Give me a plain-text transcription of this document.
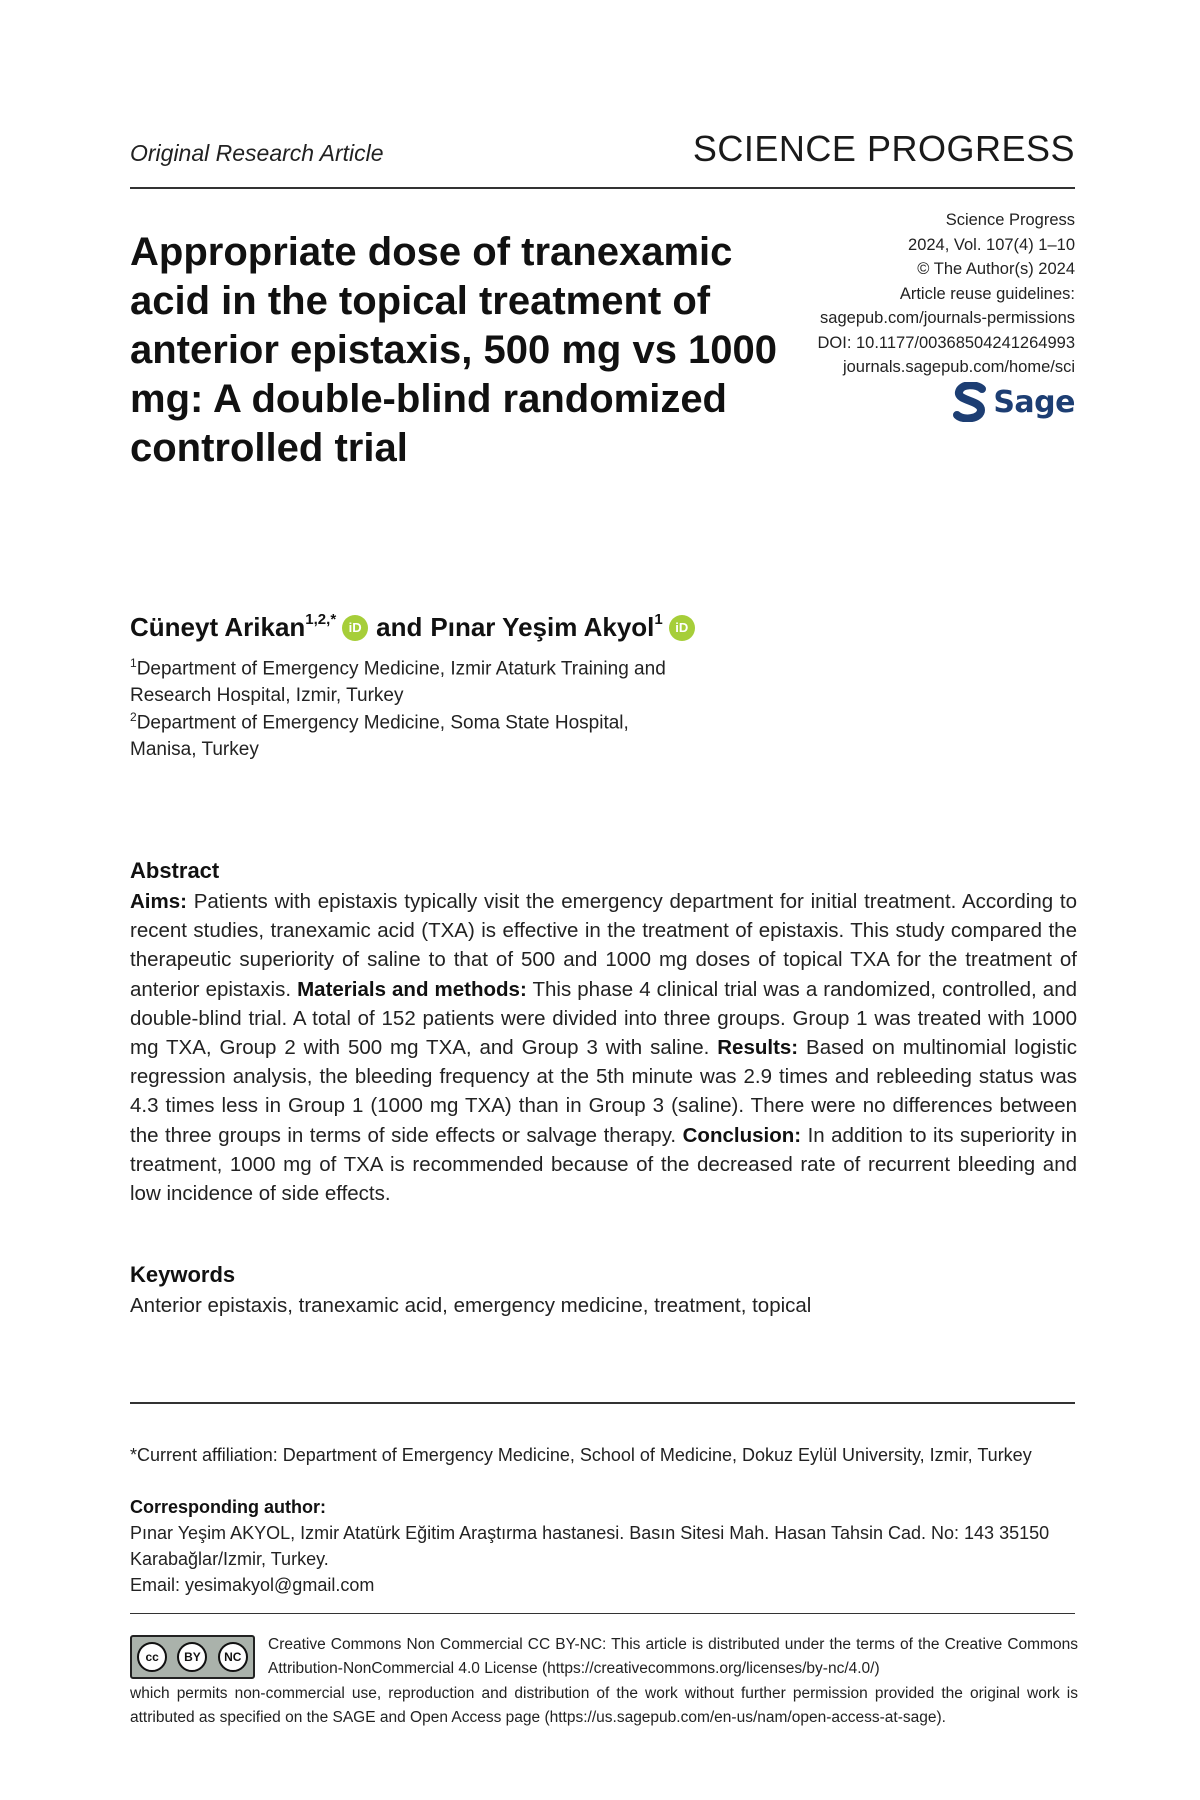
Original Research Article	SCIENCE PROGRESS
Appropriate dose of tranexamic acid in the topical treatment of anterior epistaxis, 500 mg vs 1000 mg: A double-blind randomized controlled trial
Science Progress
2024, Vol. 107(4) 1–10
© The Author(s) 2024
Article reuse guidelines:
sagepub.com/journals-permissions
DOI: 10.1177/00368504241264993
journals.sagepub.com/home/sci
Sage
Cüneyt Arikan$^{1,2,*}$ iD and Pınar Yeşim Akyol$^1$ iD
$^1$Department of Emergency Medicine, Izmir Ataturk Training and
Research Hospital, Izmir, Turkey
$^2$Department of Emergency Medicine, Soma State Hospital,
Manisa, Turkey
Abstract
Aims: Patients with epistaxis typically visit the emergency department for initial treatment. According to recent studies, tranexamic acid (TXA) is effective in the treatment of epistaxis. This study compared the therapeutic superiority of saline to that of 500 and 1000 mg doses of topical TXA for the treatment of anterior epistaxis. Materials and methods: This phase 4 clinical trial was a randomized, controlled, and double-blind trial. A total of 152 patients were divided into three groups. Group 1 was treated with 1000 mg TXA, Group 2 with 500 mg TXA, and Group 3 with saline. Results: Based on multinomial logistic regression analysis, the bleeding frequency at the 5th minute was 2.9 times and rebleeding status was 4.3 times less in Group 1 (1000 mg TXA) than in Group 3 (saline). There were no differences between the three groups in terms of side effects or salvage therapy. Conclusion: In addition to its superiority in treatment, 1000 mg of TXA is recommended because of the decreased rate of recurrent bleeding and low incidence of side effects.
Keywords
Anterior epistaxis, tranexamic acid, emergency medicine, treatment, topical
*Current affiliation: Department of Emergency Medicine, School of Medicine, Dokuz Eylül University, Izmir, Turkey
Corresponding author:
Pınar Yeşim AKYOL, Izmir Atatürk Eğitim Araştırma hastanesi. Basın Sitesi Mah. Hasan Tahsin Cad. No: 143 35150 Karabağlar/Izmir, Turkey.
Email: yesimakyol@gmail.com
cc	BY	NC
Creative Commons Non Commercial CC BY-NC: This article is distributed under the terms of the Creative Commons Attribution-NonCommercial 4.0 License (https://creativecommons.org/licenses/by-nc/4.0/)
which permits non-commercial use, reproduction and distribution of the work without further permission provided the original work is attributed as specified on the SAGE and Open Access page (https://us.sagepub.com/en-us/nam/open-access-at-sage).
